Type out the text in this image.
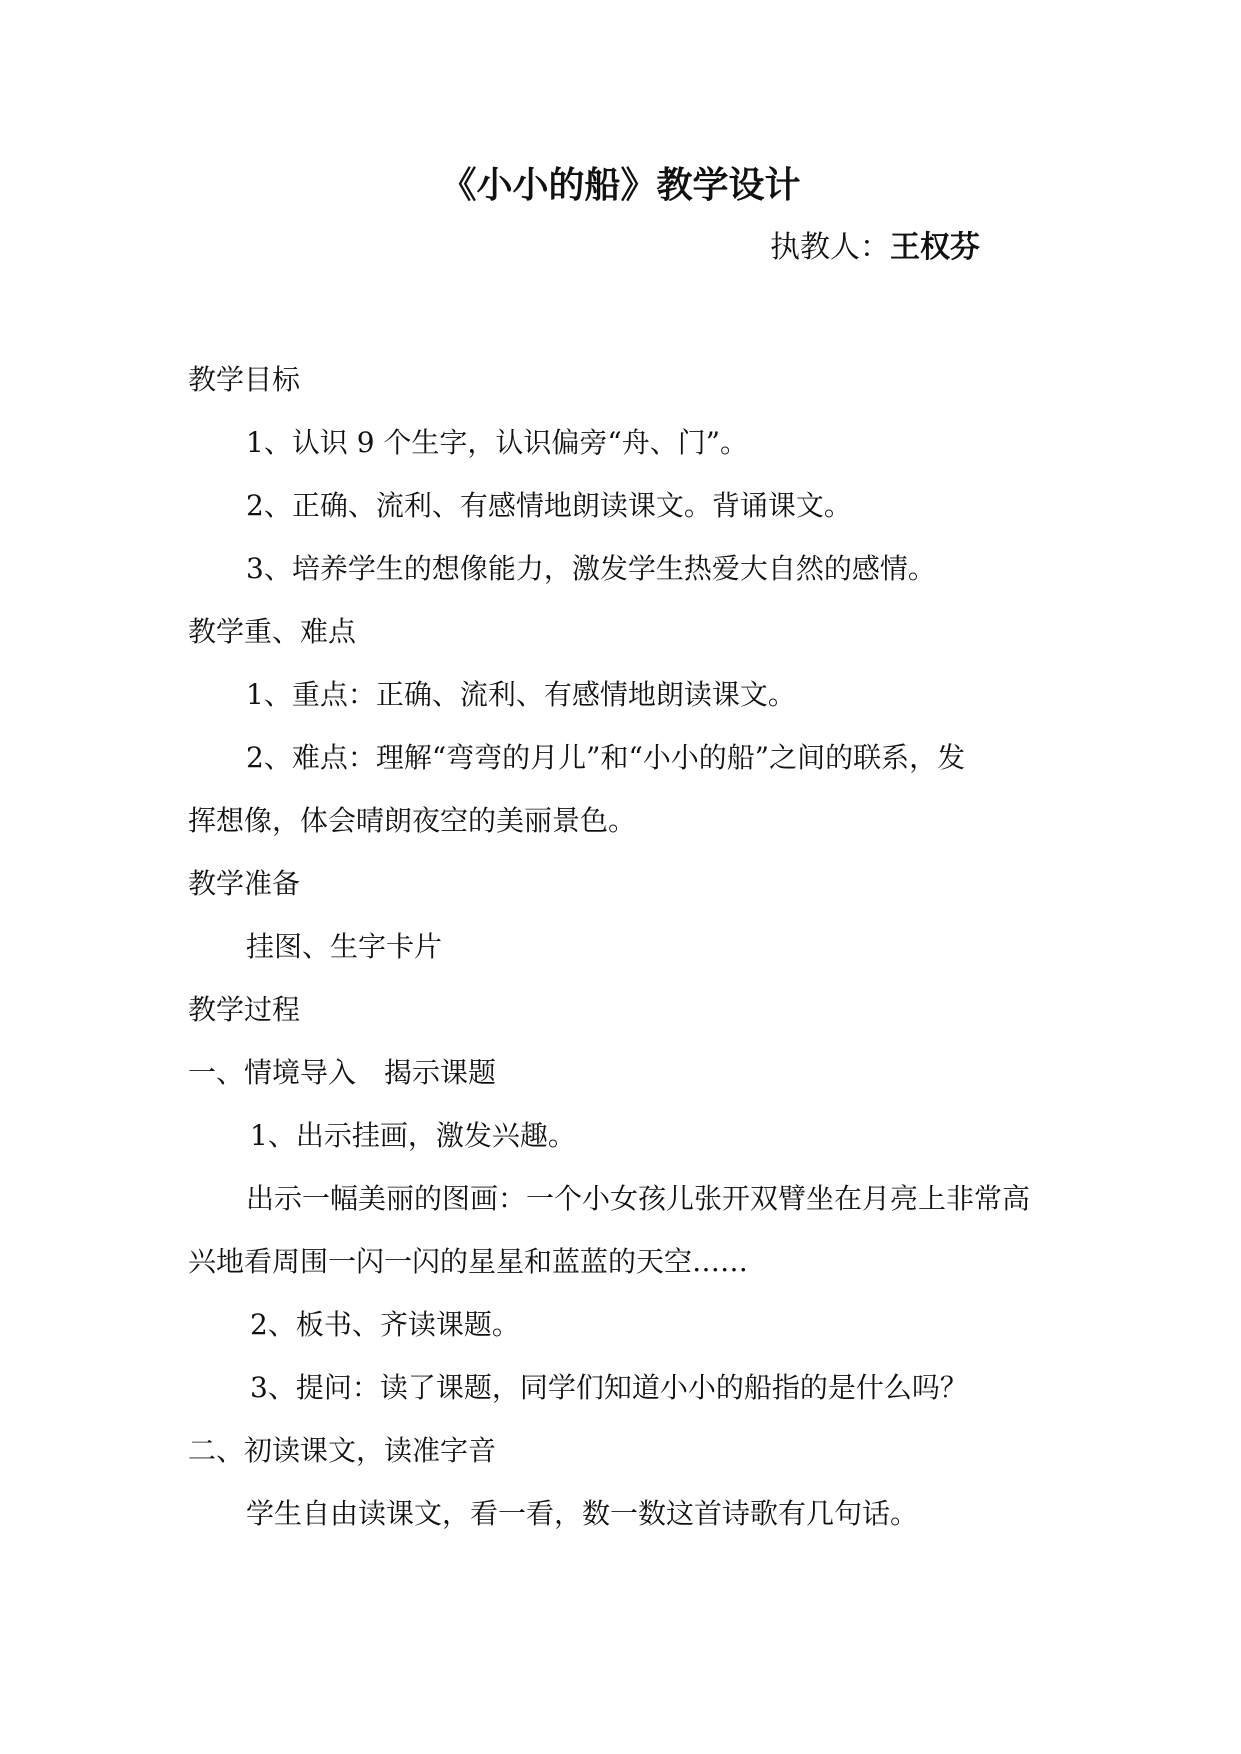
《小小的船》教学设计

执教人：王权芬

教学目标

1、认识 9 个生字，认识偏旁“舟、门”。

2、正确、流利、有感情地朗读课文。背诵课文。

3、培养学生的想像能力，激发学生热爱大自然的感情。

教学重、难点

1、重点：正确、流利、有感情地朗读课文。

2、难点：理解“弯弯的月儿”和“小小的船”之间的联系，发

挥想像，体会晴朗夜空的美丽景色。

教学准备

挂图、生字卡片

教学过程

一、情境导入　揭示课题

1、出示挂画，激发兴趣。

出示一幅美丽的图画：一个小女孩儿张开双臂坐在月亮上非常高

兴地看周围一闪一闪的星星和蓝蓝的天空……

2、板书、齐读课题。

3、提问：读了课题，同学们知道小小的船指的是什么吗？

二、初读课文，读准字音

学生自由读课文，看一看，数一数这首诗歌有几句话。
